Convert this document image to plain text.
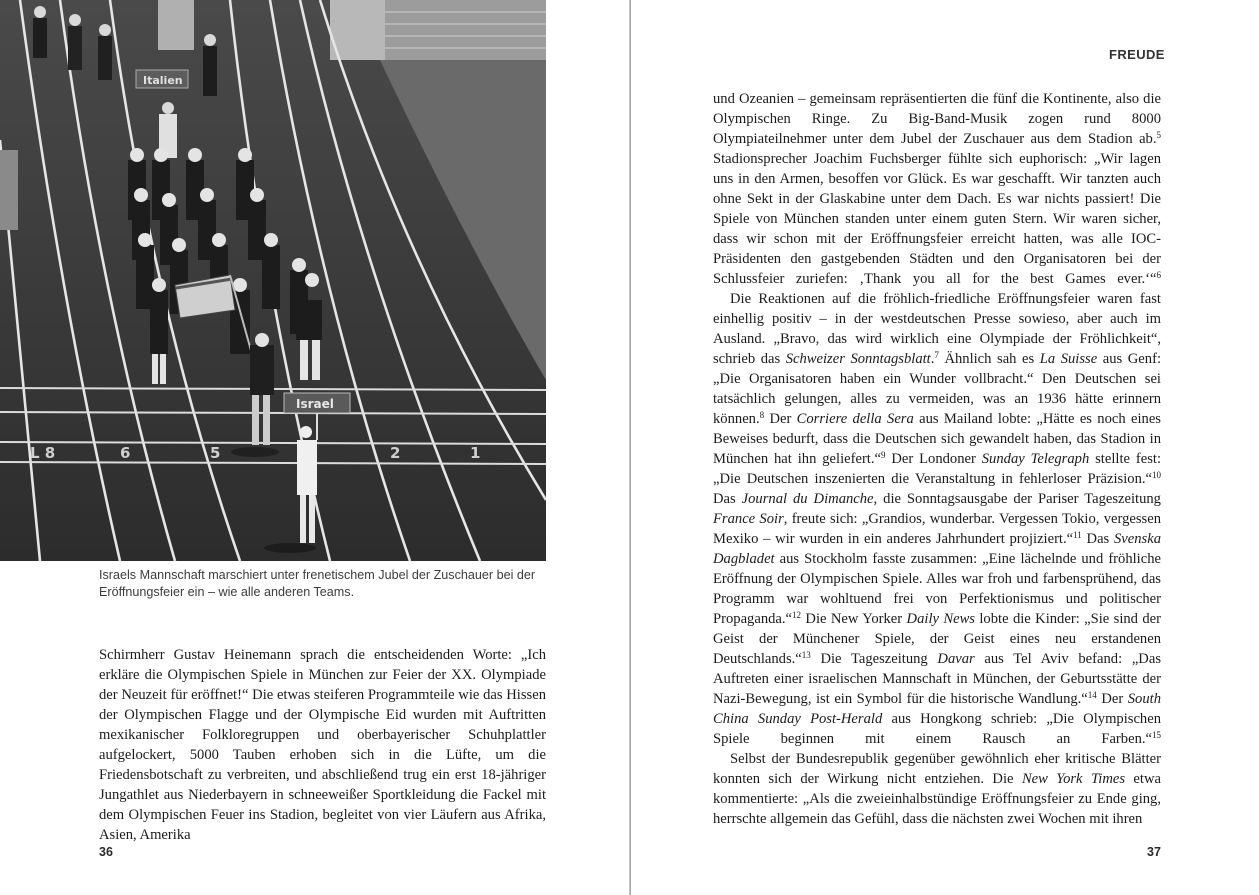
L 8	6	5	2	1
Israel
Italien
Israels Mannschaft marschiert unter frenetischem Jubel der Zuschauer bei der Eröffnungsfeier ein – wie alle anderen Teams.

Schirmherr Gustav Heinemann sprach die entscheidenden Worte: „Ich erkläre die Olympischen Spiele in München zur Feier der XX. Olympiade der Neuzeit für eröffnet!“ Die etwas steiferen Programmteile wie das Hissen der Olympischen Flagge und der Olympische Eid wurden mit Auftritten mexikanischer Folkloregruppen und oberbayerischer Schuhplattler aufgelockert, 5000 Tauben erhoben sich in die Lüfte, um die Friedensbotschaft zu verbreiten, und abschließend trug ein erst 18-jähriger Jungathlet aus Niederbayern in schneeweißer Sportkleidung die Fackel mit dem Olympischen Feuer ins Stadion, begleitet von vier Läufern aus Afrika, Asien, Amerika

36
FREUDE

und Ozeanien – gemeinsam repräsentierten die fünf die Kontinente, also die Olympischen Ringe. Zu Big-Band-Musik zogen rund 8000 Olympiateilnehmer unter dem Jubel der Zuschauer aus dem Stadion ab.$^5$ Stadionsprecher Joachim Fuchsberger fühlte sich euphorisch: „Wir lagen uns in den Armen, besoffen vor Glück. Es war geschafft. Wir tanzten auch ohne Sekt in der Glaskabine unter dem Dach. Es war nichts passiert! Die Spiele von München standen unter einem guten Stern. Wir waren sicher, dass wir schon mit der Eröffnungsfeier erreicht hatten, was alle IOC-Präsidenten den gastgebenden Städten und den Organisatoren bei der Schlussfeier zuriefen: ‚Thank you all for the best Games ever.‘“$^6$

Die Reaktionen auf die fröhlich-friedliche Eröffnungsfeier waren fast einhellig positiv – in der westdeutschen Presse sowieso, aber auch im Ausland. „Bravo, das wird wirklich eine Olympiade der Fröhlichkeit“, schrieb das Schweizer Sonntagsblatt.$^7$ Ähnlich sah es La Suisse aus Genf: „Die Organisatoren haben ein Wunder vollbracht.“ Den Deutschen sei tatsächlich gelungen, alles zu vermeiden, was an 1936 hätte erinnern können.$^8$ Der Corriere della Sera aus Mailand lobte: „Hätte es noch eines Beweises bedurft, dass die Deutschen sich gewandelt haben, das Stadion in München hat ihn geliefert.“$^9$ Der Londoner Sunday Telegraph stellte fest: „Die Deutschen inszenierten die Veranstaltung in fehlerloser Präzision.“$^{10}$ Das Journal du Dimanche, die Sonntagsausgabe der Pariser Tageszeitung France Soir, freute sich: „Grandios, wunderbar. Vergessen Tokio, vergessen Mexiko – wir wurden in ein anderes Jahrhundert projiziert.“$^{11}$ Das Svenska Dagbladet aus Stockholm fasste zusammen: „Eine lächelnde und fröhliche Eröffnung der Olympischen Spiele. Alles war froh und farbensprühend, das Programm war wohltuend frei von Perfektionismus und politischer Propaganda.“$^{12}$ Die New Yorker Daily News lobte die Kinder: „Sie sind der Geist der Münchener Spiele, der Geist eines neu erstandenen Deutschlands.“$^{13}$ Die Tageszeitung Davar aus Tel Aviv befand: „Das Auftreten einer israelischen Mannschaft in München, der Geburtsstätte der Nazi-Bewegung, ist ein Symbol für die historische Wandlung.“$^{14}$ Der South China Sunday Post-Herald aus Hongkong schrieb: „Die Olympischen Spiele beginnen mit einem Rausch an Farben.“$^{15}$

Selbst der Bundesrepublik gegenüber gewöhnlich eher kritische Blätter konnten sich der Wirkung nicht entziehen. Die New York Times etwa kommentierte: „Als die zweieinhalbstündige Eröffnungsfeier zu Ende ging, herrschte allgemein das Gefühl, dass die nächsten zwei Wochen mit ihren

37
